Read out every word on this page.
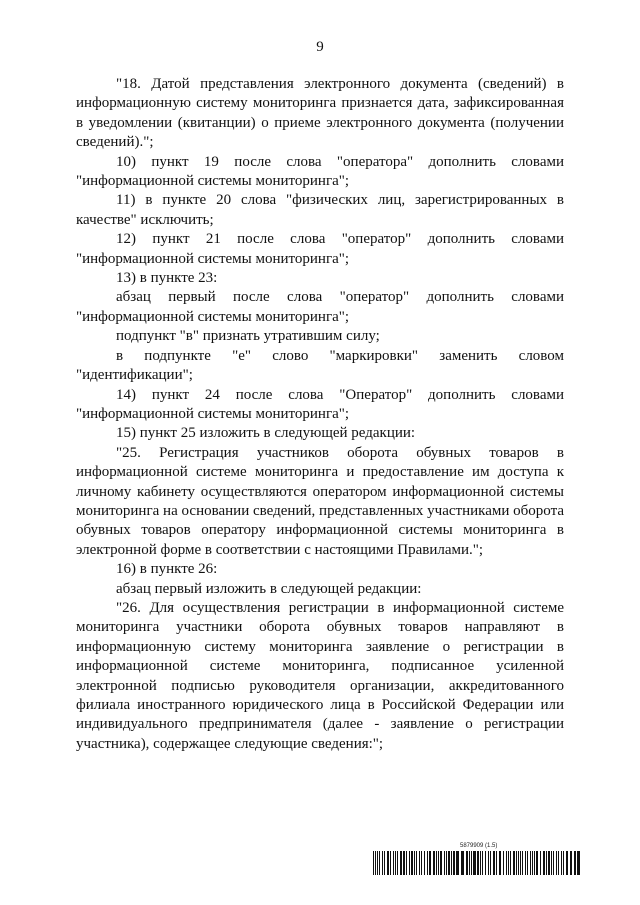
9

"18. Датой представления электронного документа (сведений) в информационную систему мониторинга признается дата, зафиксированная в уведомлении (квитанции) о приеме электронного документа (получении сведений).";

10) пункт 19 после слова "оператора" дополнить словами "информационной системы мониторинга";

11) в пункте 20 слова "физических лиц, зарегистрированных в качестве" исключить;

12) пункт 21 после слова "оператор" дополнить словами "информационной системы мониторинга";

13) в пункте 23:

абзац первый после слова "оператор" дополнить словами "информационной системы мониторинга";

подпункт "в" признать утратившим силу;

в подпункте "е" слово "маркировки" заменить словом "идентификации";

14) пункт 24 после слова "Оператор" дополнить словами "информационной системы мониторинга";

15) пункт 25 изложить в следующей редакции:

"25. Регистрация участников оборота обувных товаров в информационной системе мониторинга и предоставление им доступа к личному кабинету осуществляются оператором информационной системы мониторинга на основании сведений, представленных участниками оборота обувных товаров оператору информационной системы мониторинга в электронной форме в соответствии с настоящими Правилами.";

16) в пункте 26:

абзац первый изложить в следующей редакции:

"26. Для осуществления регистрации в информационной системе мониторинга участники оборота обувных товаров направляют в информационную систему мониторинга заявление о регистрации в информационной системе мониторинга, подписанное усиленной электронной подписью руководителя организации, аккредитованного филиала иностранного юридического лица в Российской Федерации или индивидуального предпринимателя (далее - заявление о регистрации участника), содержащее следующие сведения:";

5879909 (1.5)
